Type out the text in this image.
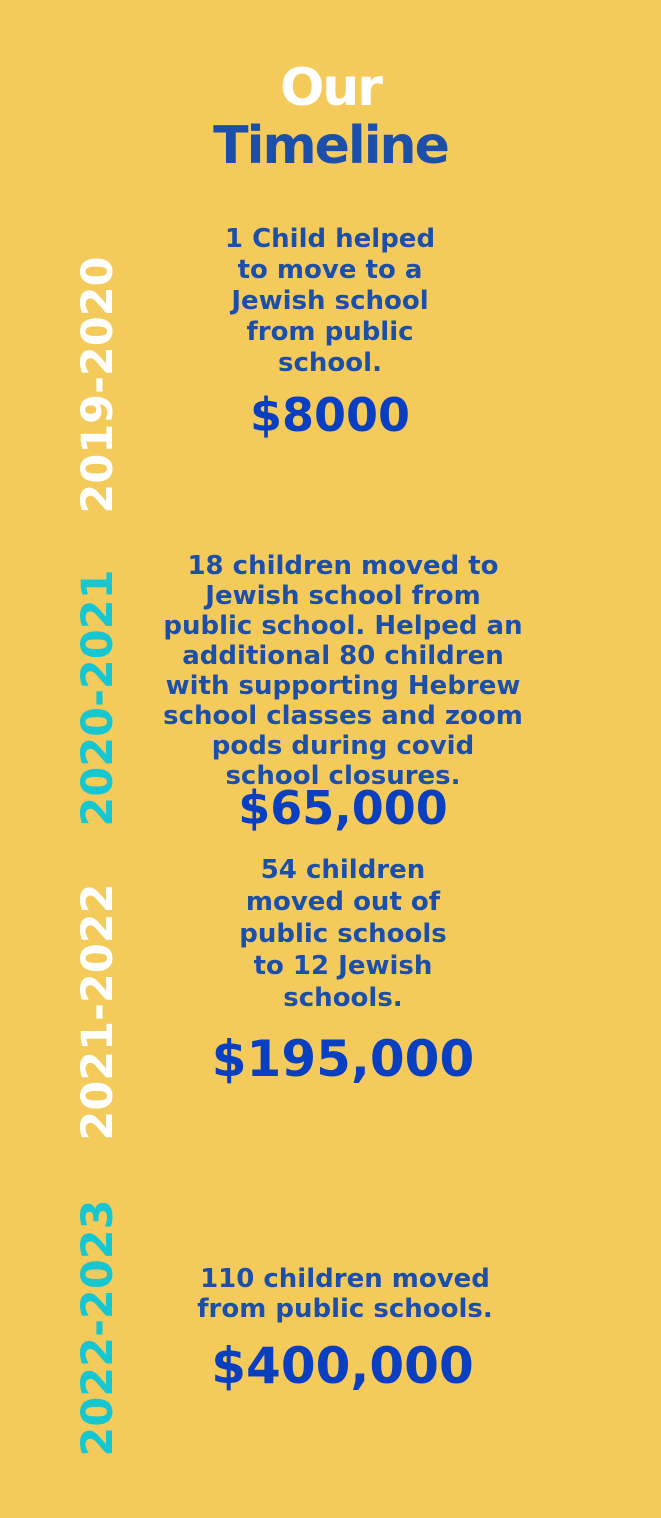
Our
Timeline
2019-2020
1 Child helped
to move to a
Jewish school
from public
school.
$8000
2020-2021
18 children moved to
Jewish school from
public school. Helped an
additional 80 children
with supporting Hebrew
school classes and zoom
pods during covid
school closures.
$65,000
2021-2022
54 children
moved out of
public schools
to 12 Jewish
schools.
$195,000
2022-2023	110 children moved
from public schools.
$400,000
